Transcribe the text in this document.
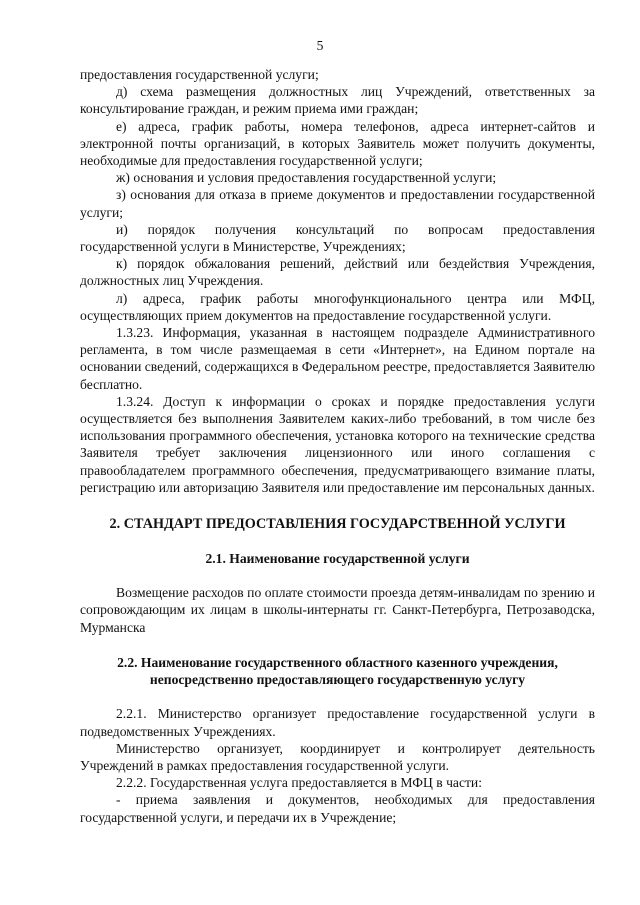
5

предоставления государственной услуги;

д) схема размещения должностных лиц Учреждений, ответственных за консультирование граждан, и режим приема ими граждан;

е) адреса, график работы, номера телефонов, адреса интернет-сайтов и электронной почты организаций, в которых Заявитель может получить документы, необходимые для предоставления государственной услуги;

ж) основания и условия предоставления государственной услуги;

з) основания для отказа в приеме документов и предоставлении государственной услуги;

и) порядок получения консультаций по вопросам предоставления государственной услуги в Министерстве, Учреждениях;

к) порядок обжалования решений, действий или бездействия Учреждения, должностных лиц Учреждения.

л) адреса, график работы многофункционального центра или МФЦ, осуществляющих прием документов на предоставление государственной услуги.

1.3.23. Информация, указанная в настоящем подразделе Административного регламента, в том числе размещаемая в сети «Интернет», на Едином портале на основании сведений, содержащихся в Федеральном реестре, предоставляется Заявителю бесплатно.

1.3.24. Доступ к информации о сроках и порядке предоставления услуги осуществляется без выполнения Заявителем каких-либо требований, в том числе без использования программного обеспечения, установка которого на технические средства Заявителя требует заключения лицензионного или иного соглашения с правообладателем программного обеспечения, предусматривающего взимание платы, регистрацию или авторизацию Заявителя или предоставление им персональных данных.

2. СТАНДАРТ ПРЕДОСТАВЛЕНИЯ ГОСУДАРСТВЕННОЙ УСЛУГИ
2.1. Наименование государственной услуги

Возмещение расходов по оплате стоимости проезда детям-инвалидам по зрению и сопровождающим их лицам в школы-интернаты гг. Санкт-Петербурга, Петрозаводска, Мурманска

2.2. Наименование государственного областного казенного учреждения, непосредственно предоставляющего государственную услугу

2.2.1. Министерство организует предоставление государственной услуги в подведомственных Учреждениях.

Министерство организует, координирует и контролирует деятельность Учреждений в рамках предоставления государственной услуги.

2.2.2. Государственная услуга предоставляется в МФЦ в части:

- приема заявления и документов, необходимых для предоставления государственной услуги, и передачи их в Учреждение;
